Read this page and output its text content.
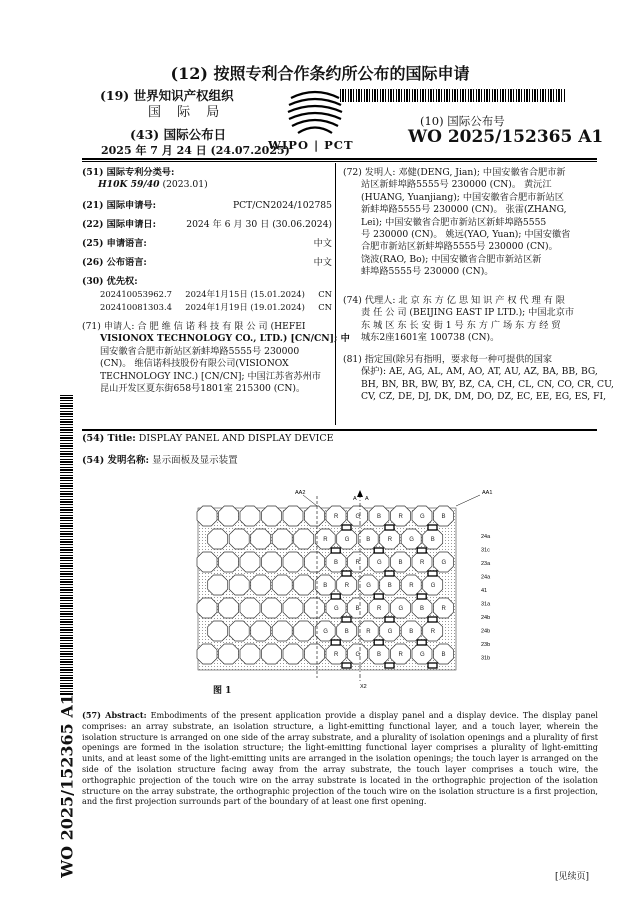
(12) 按照专利合作条约所公布的国际申请
(19) 世界知识产权组织
国 际 局
(43) 国际公布日
2025 年 7 月 24 日 (24.07.2025)
WIPO | PCT
(10) 国际公布号
WO 2025/152365 A1
(51) 国际专利分类号:
H10K 59/40 (2023.01)
(21) 国际申请号:	PCT/CN2024/102785
(22) 国际申请日:	2024 年 6 月 30 日 (30.06.2024)
(25) 申请语言:	中文
(26) 公布语言:	中文
(30) 优先权:
202410053962.7 2024年1月15日 (15.01.2024) CN
202410081303.4 2024年1月19日 (19.01.2024) CN
(71) 申请人: 合 肥 维 信 诺 科 技 有 限 公 司 (HEFEI
VISIONOX TECHNOLOGY CO., LTD.) [CN/CN]; 中
国安徽省合肥市新站区新蚌埠路5555号 230000
(CN)。 维信诺科技股份有限公司(VISIONOX
TECHNOLOGY INC.) [CN/CN]; 中国江苏省苏州市
昆山开发区夏东街658号1801室 215300 (CN)。
(72) 发明人: 邓健(DENG, Jian); 中国安徽省合肥市新
站区新蚌埠路5555号 230000 (CN)。 黄沅江
(HUANG, Yuanjiang); 中国安徽省合肥市新站区
新蚌埠路5555号 230000 (CN)。 张雷(ZHANG,
Lei); 中国安徽省合肥市新站区新蚌埠路5555
号 230000 (CN)。 姚远(YAO, Yuan); 中国安徽省
合肥市新站区新蚌埠路5555号 230000 (CN)。
饶波(RAO, Bo); 中国安徽省合肥市新站区新
蚌埠路5555号 230000 (CN)。
(74) 代理人: 北 京 东 方 亿 思 知 识 产 权 代 理 有 限
责 任 公 司 (BEIJING EAST IP LTD.); 中国北京市
东 城 区 东 长 安 街 1 号 东 方 广 场 东 方 经 贸
城东2座1601室 100738 (CN)。
(81) 指定国(除另有指明，要求每一种可提供的国家
保护): AE, AG, AL, AM, AO, AT, AU, AZ, BA, BB, BG,
BH, BN, BR, BW, BY, BZ, CA, CH, CL, CN, CO, CR, CU,
CV, CZ, DE, DJ, DK, DM, DO, DZ, EC, EE, EG, ES, FI,
(54) Title: DISPLAY PANEL AND DISPLAY DEVICE
(54) 发明名称: 显示面板及显示装置
R	G	B	R	G	B
R	G	B	R	G	B
B	R	G	B	R	G
B	R	G	B	R	G
G	B	R	G	B	R
G	B	R	G	B	R
R	G	B	R	G	B
AA2
A A
AA1
24a
31c
23a
24a
41
31a
24b
24b
23b
31b
X2
图 1
(57) Abstract: Embodiments of the present application provide a display panel and a display device. The display panel comprises: an array substrate, an isolation structure, a light-emitting functional layer, and a touch layer, wherein the isolation structure is arranged on one side of the array substrate, and a plurality of isolation openings and a plurality of first openings are formed in the isolation structure; the light-emitting functional layer comprises a plurality of light-emitting units, and at least some of the light-emitting units are arranged in the isolation openings; the touch layer is arranged on the side of the isolation structure facing away from the array substrate, the touch layer comprises a touch wire, the orthographic projection of the touch wire on the array substrate is located in the orthographic projection of the isolation structure on the array substrate, the orthographic projection of the touch wire on the isolation structure is a first projection, and the first projection surrounds part of the boundary of at least one first opening.
WO 2025/152365 A1	[见续页]
